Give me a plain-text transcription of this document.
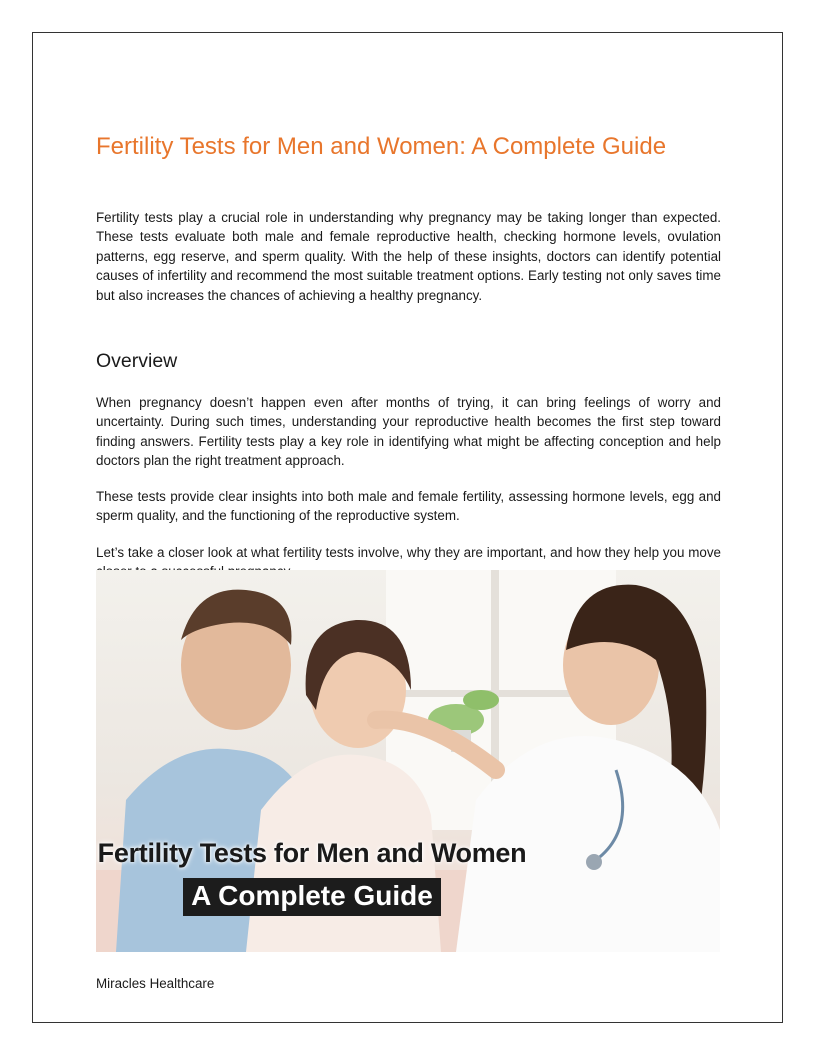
Fertility Tests for Men and Women: A Complete Guide

Fertility tests play a crucial role in understanding why pregnancy may be taking longer than expected. These tests evaluate both male and female reproductive health, checking hormone levels, ovulation patterns, egg reserve, and sperm quality. With the help of these insights, doctors can identify potential causes of infertility and recommend the most suitable treatment options. Early testing not only saves time but also increases the chances of achieving a healthy pregnancy.

Overview

When pregnancy doesn’t happen even after months of trying, it can bring feelings of worry and uncertainty. During such times, understanding your reproductive health becomes the first step toward finding answers. Fertility tests play a key role in identifying what might be affecting conception and help doctors plan the right treatment approach.

These tests provide clear insights into both male and female fertility, assessing hormone levels, egg and sperm quality, and the functioning of the reproductive system.

Let’s take a closer look at what fertility tests involve, why they are important, and how they help you move

Fertility Tests for Men and Women
A Complete Guide
Miracles Healthcare
